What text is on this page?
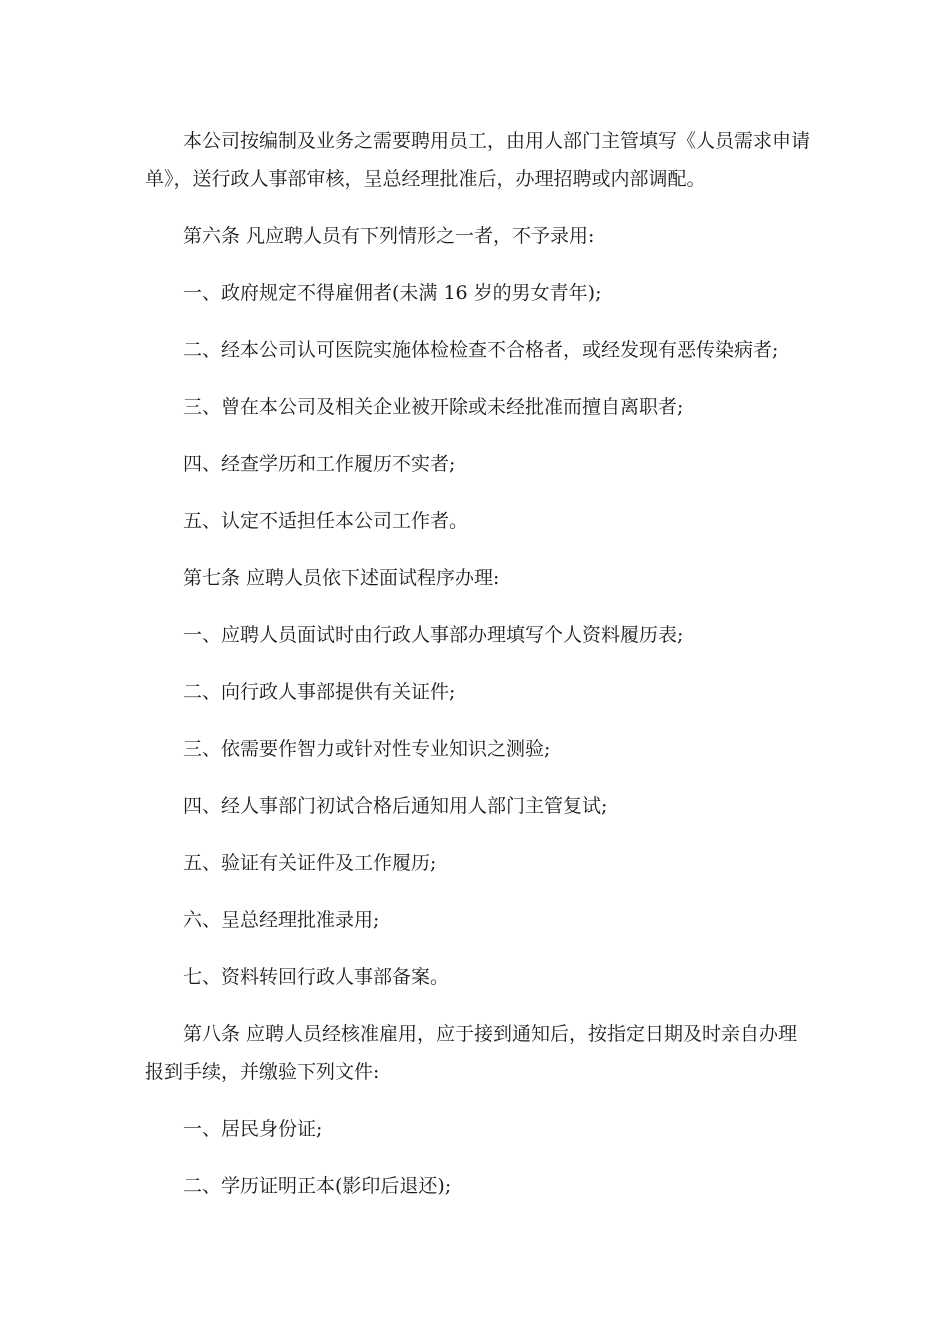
本公司按编制及业务之需要聘用员工，由用人部门主管填写《人员需求申请单》，送行政人事部审核，呈总经理批准后，办理招聘或内部调配。

第六条 凡应聘人员有下列情形之一者，不予录用:

一、政府规定不得雇佣者(未满 16 岁的男女青年);

二、经本公司认可医院实施体检检查不合格者，或经发现有恶传染病者;

三、曾在本公司及相关企业被开除或未经批准而擅自离职者;

四、经查学历和工作履历不实者;

五、认定不适担任本公司工作者。

第七条 应聘人员依下述面试程序办理:

一、应聘人员面试时由行政人事部办理填写个人资料履历表;

二、向行政人事部提供有关证件;

三、依需要作智力或针对性专业知识之测验;

四、经人事部门初试合格后通知用人部门主管复试;

五、验证有关证件及工作履历;

六、呈总经理批准录用;

七、资料转回行政人事部备案。

第八条 应聘人员经核准雇用，应于接到通知后，按指定日期及时亲自办理报到手续，并缴验下列文件:

一、居民身份证;

二、学历证明正本(影印后退还);
